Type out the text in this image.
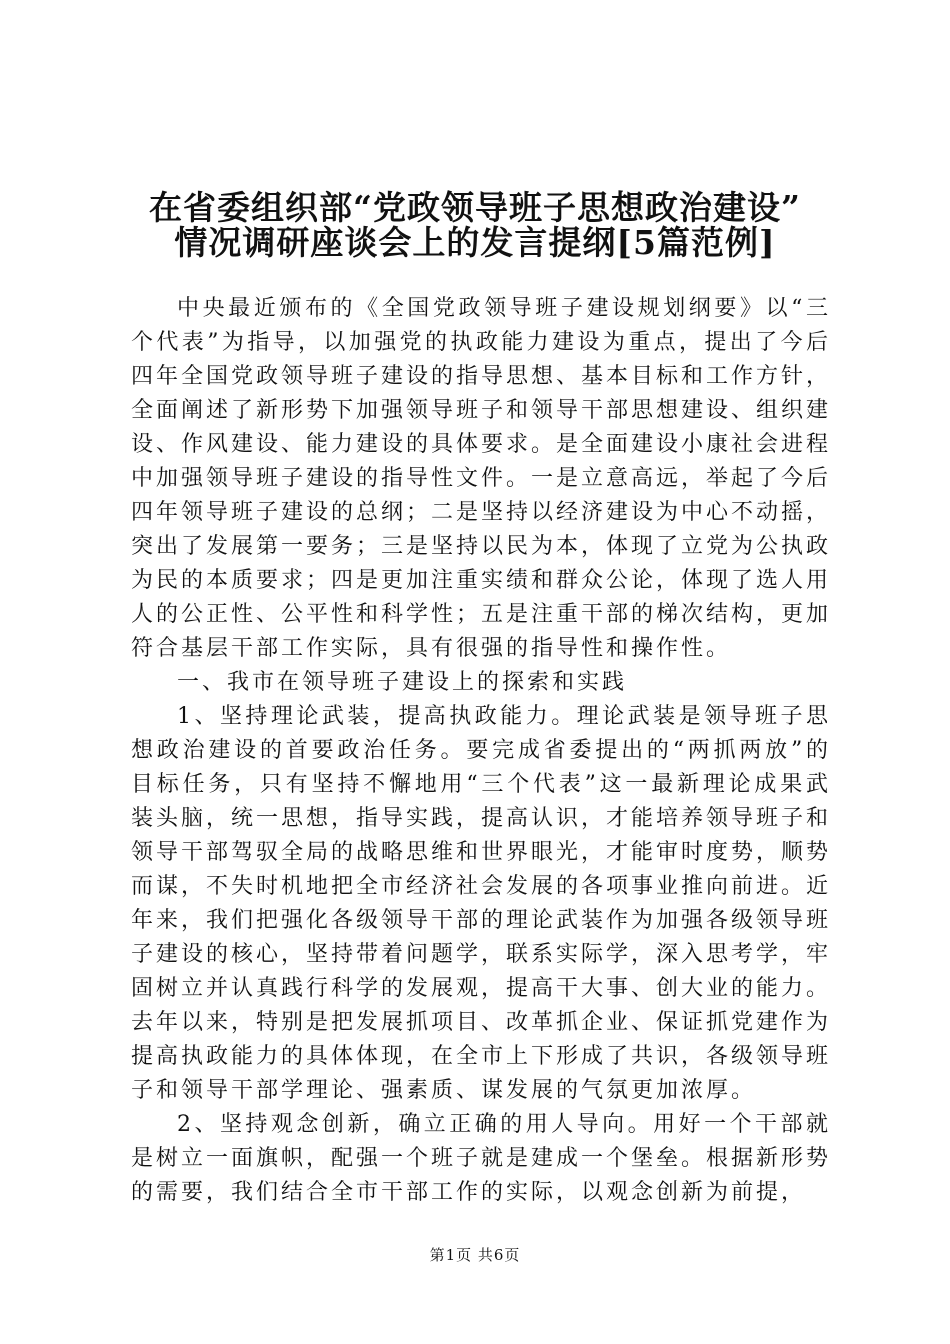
在省委组织部“党政领导班子思想政治建设”
情况调研座谈会上的发言提纲[5篇范例]

中央最近颁布的《全国党政领导班子建设规划纲要》以“三个代表”为指导，以加强党的执政能力建设为重点，提出了今后四年全国党政领导班子建设的指导思想、基本目标和工作方针，全面阐述了新形势下加强领导班子和领导干部思想建设、组织建设、作风建设、能力建设的具体要求。是全面建设小康社会进程中加强领导班子建设的指导性文件。一是立意高远，举起了今后四年领导班子建设的总纲；二是坚持以经济建设为中心不动摇，突出了发展第一要务；三是坚持以民为本，体现了立党为公执政为民的本质要求；四是更加注重实绩和群众公论，体现了选人用人的公正性、公平性和科学性；五是注重干部的梯次结构，更加符合基层干部工作实际，具有很强的指导性和操作性。

一、我市在领导班子建设上的探索和实践

1、坚持理论武装，提高执政能力。理论武装是领导班子思想政治建设的首要政治任务。要完成省委提出的“两抓两放”的目标任务，只有坚持不懈地用“三个代表”这一最新理论成果武装头脑，统一思想，指导实践，提高认识，才能培养领导班子和领导干部驾驭全局的战略思维和世界眼光，才能审时度势，顺势而谋，不失时机地把全市经济社会发展的各项事业推向前进。近年来，我们把强化各级领导干部的理论武装作为加强各级领导班子建设的核心，坚持带着问题学，联系实际学，深入思考学，牢固树立并认真践行科学的发展观，提高干大事、创大业的能力。去年以来，特别是把发展抓项目、改革抓企业、保证抓党建作为提高执政能力的具体体现，在全市上下形成了共识，各级领导班子和领导干部学理论、强素质、谋发展的气氛更加浓厚。

2、坚持观念创新，确立正确的用人导向。用好一个干部就是树立一面旗帜，配强一个班子就是建成一个堡垒。根据新形势的需要，我们结合全市干部工作的实际，以观念创新为前提，

第1页 共6页
